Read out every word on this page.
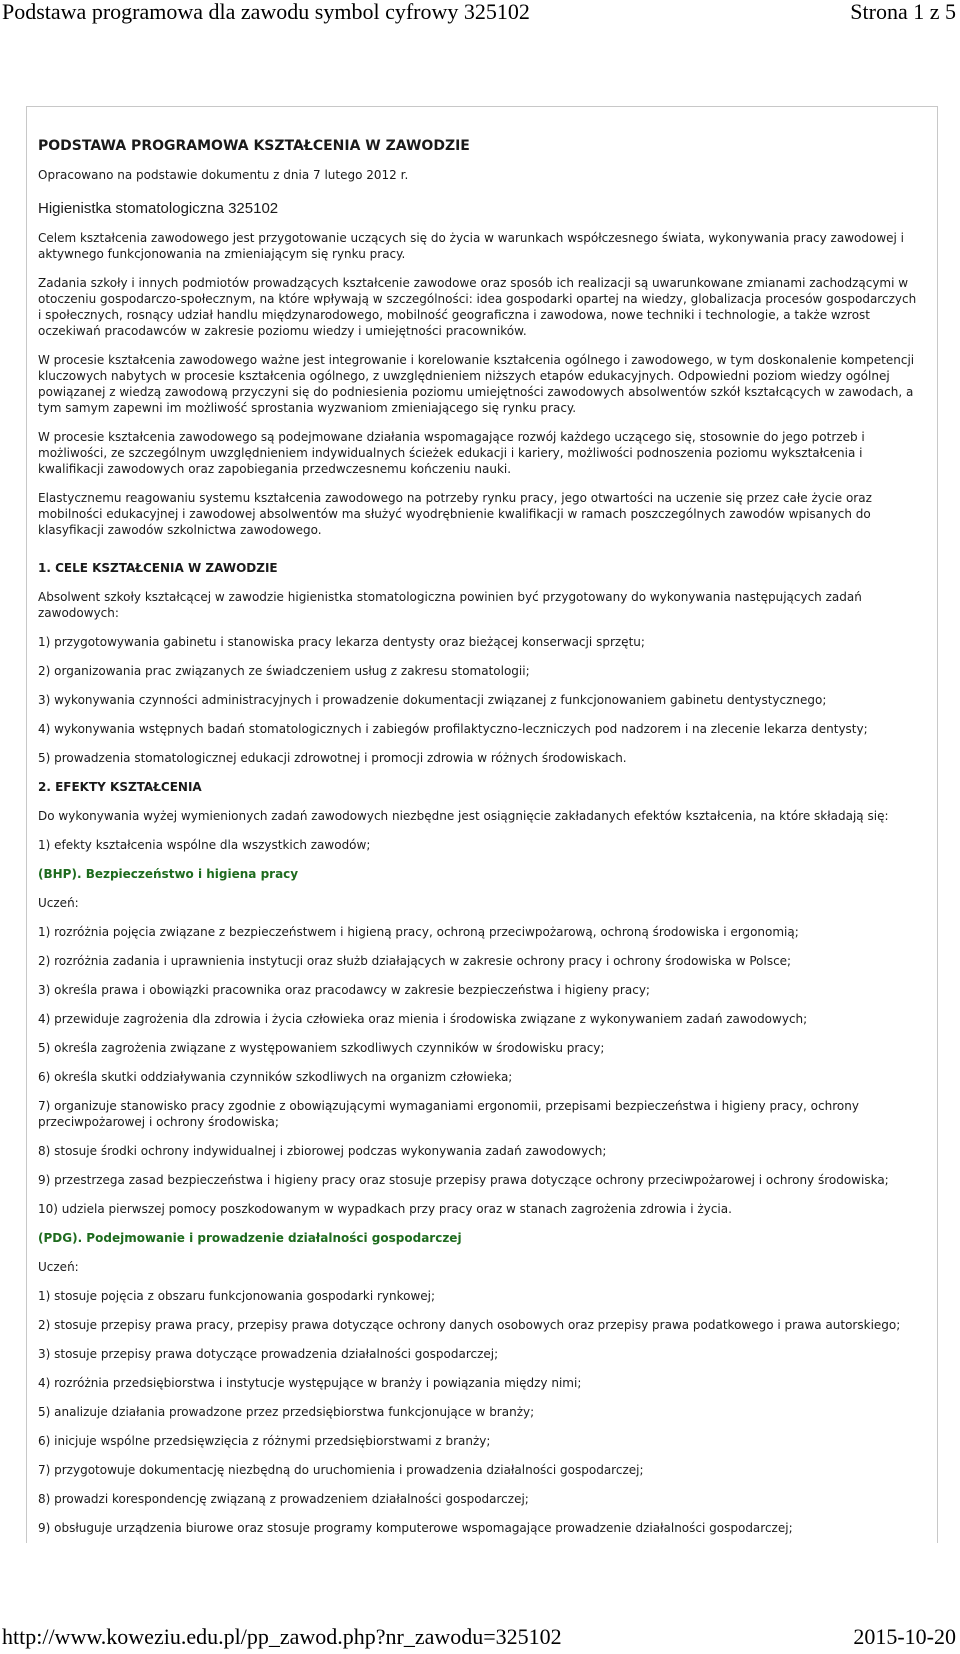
Podstawa programowa dla zawodu symbol cyfrowy 325102	Strona 1 z 5

PODSTAWA PROGRAMOWA KSZTAŁCENIA W ZAWODZIE

Opracowano na podstawie dokumentu z dnia 7 lutego 2012 r.

Higienistka stomatologiczna 325102

Celem kształcenia zawodowego jest przygotowanie uczących się do życia w warunkach współczesnego świata, wykonywania pracy zawodowej i aktywnego funkcjonowania na zmieniającym się rynku pracy.

Zadania szkoły i innych podmiotów prowadzących kształcenie zawodowe oraz sposób ich realizacji są uwarunkowane zmianami zachodzącymi w otoczeniu gospodarczo-społecznym, na które wpływają w szczególności: idea gospodarki opartej na wiedzy, globalizacja procesów gospodarczych i społecznych, rosnący udział handlu międzynarodowego, mobilność geograficzna i zawodowa, nowe techniki i technologie, a także wzrost oczekiwań pracodawców w zakresie poziomu wiedzy i umiejętności pracowników.

W procesie kształcenia zawodowego ważne jest integrowanie i korelowanie kształcenia ogólnego i zawodowego, w tym doskonalenie kompetencji kluczowych nabytych w procesie kształcenia ogólnego, z uwzględnieniem niższych etapów edukacyjnych. Odpowiedni poziom wiedzy ogólnej powiązanej z wiedzą zawodową przyczyni się do podniesienia poziomu umiejętności zawodowych absolwentów szkół kształcących w zawodach, a tym samym zapewni im możliwość sprostania wyzwaniom zmieniającego się rynku pracy.

W procesie kształcenia zawodowego są podejmowane działania wspomagające rozwój każdego uczącego się, stosownie do jego potrzeb i możliwości, ze szczególnym uwzględnieniem indywidualnych ścieżek edukacji i kariery, możliwości podnoszenia poziomu wykształcenia i kwalifikacji zawodowych oraz zapobiegania przedwczesnemu kończeniu nauki.

Elastycznemu reagowaniu systemu kształcenia zawodowego na potrzeby rynku pracy, jego otwartości na uczenie się przez całe życie oraz mobilności edukacyjnej i zawodowej absolwentów ma służyć wyodrębnienie kwalifikacji w ramach poszczególnych zawodów wpisanych do klasyfikacji zawodów szkolnictwa zawodowego.

1. CELE KSZTAŁCENIA W ZAWODZIE

Absolwent szkoły kształcącej w zawodzie higienistka stomatologiczna powinien być przygotowany do wykonywania następujących zadań zawodowych:

1) przygotowywania gabinetu i stanowiska pracy lekarza dentysty oraz bieżącej konserwacji sprzętu;

2) organizowania prac związanych ze świadczeniem usług z zakresu stomatologii;

3) wykonywania czynności administracyjnych i prowadzenie dokumentacji związanej z funkcjonowaniem gabinetu dentystycznego;

4) wykonywania wstępnych badań stomatologicznych i zabiegów profilaktyczno-leczniczych pod nadzorem i na zlecenie lekarza dentysty;

5) prowadzenia stomatologicznej edukacji zdrowotnej i promocji zdrowia w różnych środowiskach.

2. EFEKTY KSZTAŁCENIA

Do wykonywania wyżej wymienionych zadań zawodowych niezbędne jest osiągnięcie zakładanych efektów kształcenia, na które składają się:

1) efekty kształcenia wspólne dla wszystkich zawodów;

(BHP). Bezpieczeństwo i higiena pracy

Uczeń:

1) rozróżnia pojęcia związane z bezpieczeństwem i higieną pracy, ochroną przeciwpożarową, ochroną środowiska i ergonomią;

2) rozróżnia zadania i uprawnienia instytucji oraz służb działających w zakresie ochrony pracy i ochrony środowiska w Polsce;

3) określa prawa i obowiązki pracownika oraz pracodawcy w zakresie bezpieczeństwa i higieny pracy;

4) przewiduje zagrożenia dla zdrowia i życia człowieka oraz mienia i środowiska związane z wykonywaniem zadań zawodowych;

5) określa zagrożenia związane z występowaniem szkodliwych czynników w środowisku pracy;

6) określa skutki oddziaływania czynników szkodliwych na organizm człowieka;

7) organizuje stanowisko pracy zgodnie z obowiązującymi wymaganiami ergonomii, przepisami bezpieczeństwa i higieny pracy, ochrony przeciwpożarowej i ochrony środowiska;

8) stosuje środki ochrony indywidualnej i zbiorowej podczas wykonywania zadań zawodowych;

9) przestrzega zasad bezpieczeństwa i higieny pracy oraz stosuje przepisy prawa dotyczące ochrony przeciwpożarowej i ochrony środowiska;

10) udziela pierwszej pomocy poszkodowanym w wypadkach przy pracy oraz w stanach zagrożenia zdrowia i życia.

(PDG). Podejmowanie i prowadzenie działalności gospodarczej

Uczeń:

1) stosuje pojęcia z obszaru funkcjonowania gospodarki rynkowej;

2) stosuje przepisy prawa pracy, przepisy prawa dotyczące ochrony danych osobowych oraz przepisy prawa podatkowego i prawa autorskiego;

3) stosuje przepisy prawa dotyczące prowadzenia działalności gospodarczej;

4) rozróżnia przedsiębiorstwa i instytucje występujące w branży i powiązania między nimi;

5) analizuje działania prowadzone przez przedsiębiorstwa funkcjonujące w branży;

6) inicjuje wspólne przedsięwzięcia z różnymi przedsiębiorstwami z branży;

7) przygotowuje dokumentację niezbędną do uruchomienia i prowadzenia działalności gospodarczej;

8) prowadzi korespondencję związaną z prowadzeniem działalności gospodarczej;

9) obsługuje urządzenia biurowe oraz stosuje programy komputerowe wspomagające prowadzenie działalności gospodarczej;

http://www.koweziu.edu.pl/pp_zawod.php?nr_zawodu=325102	2015-10-20
